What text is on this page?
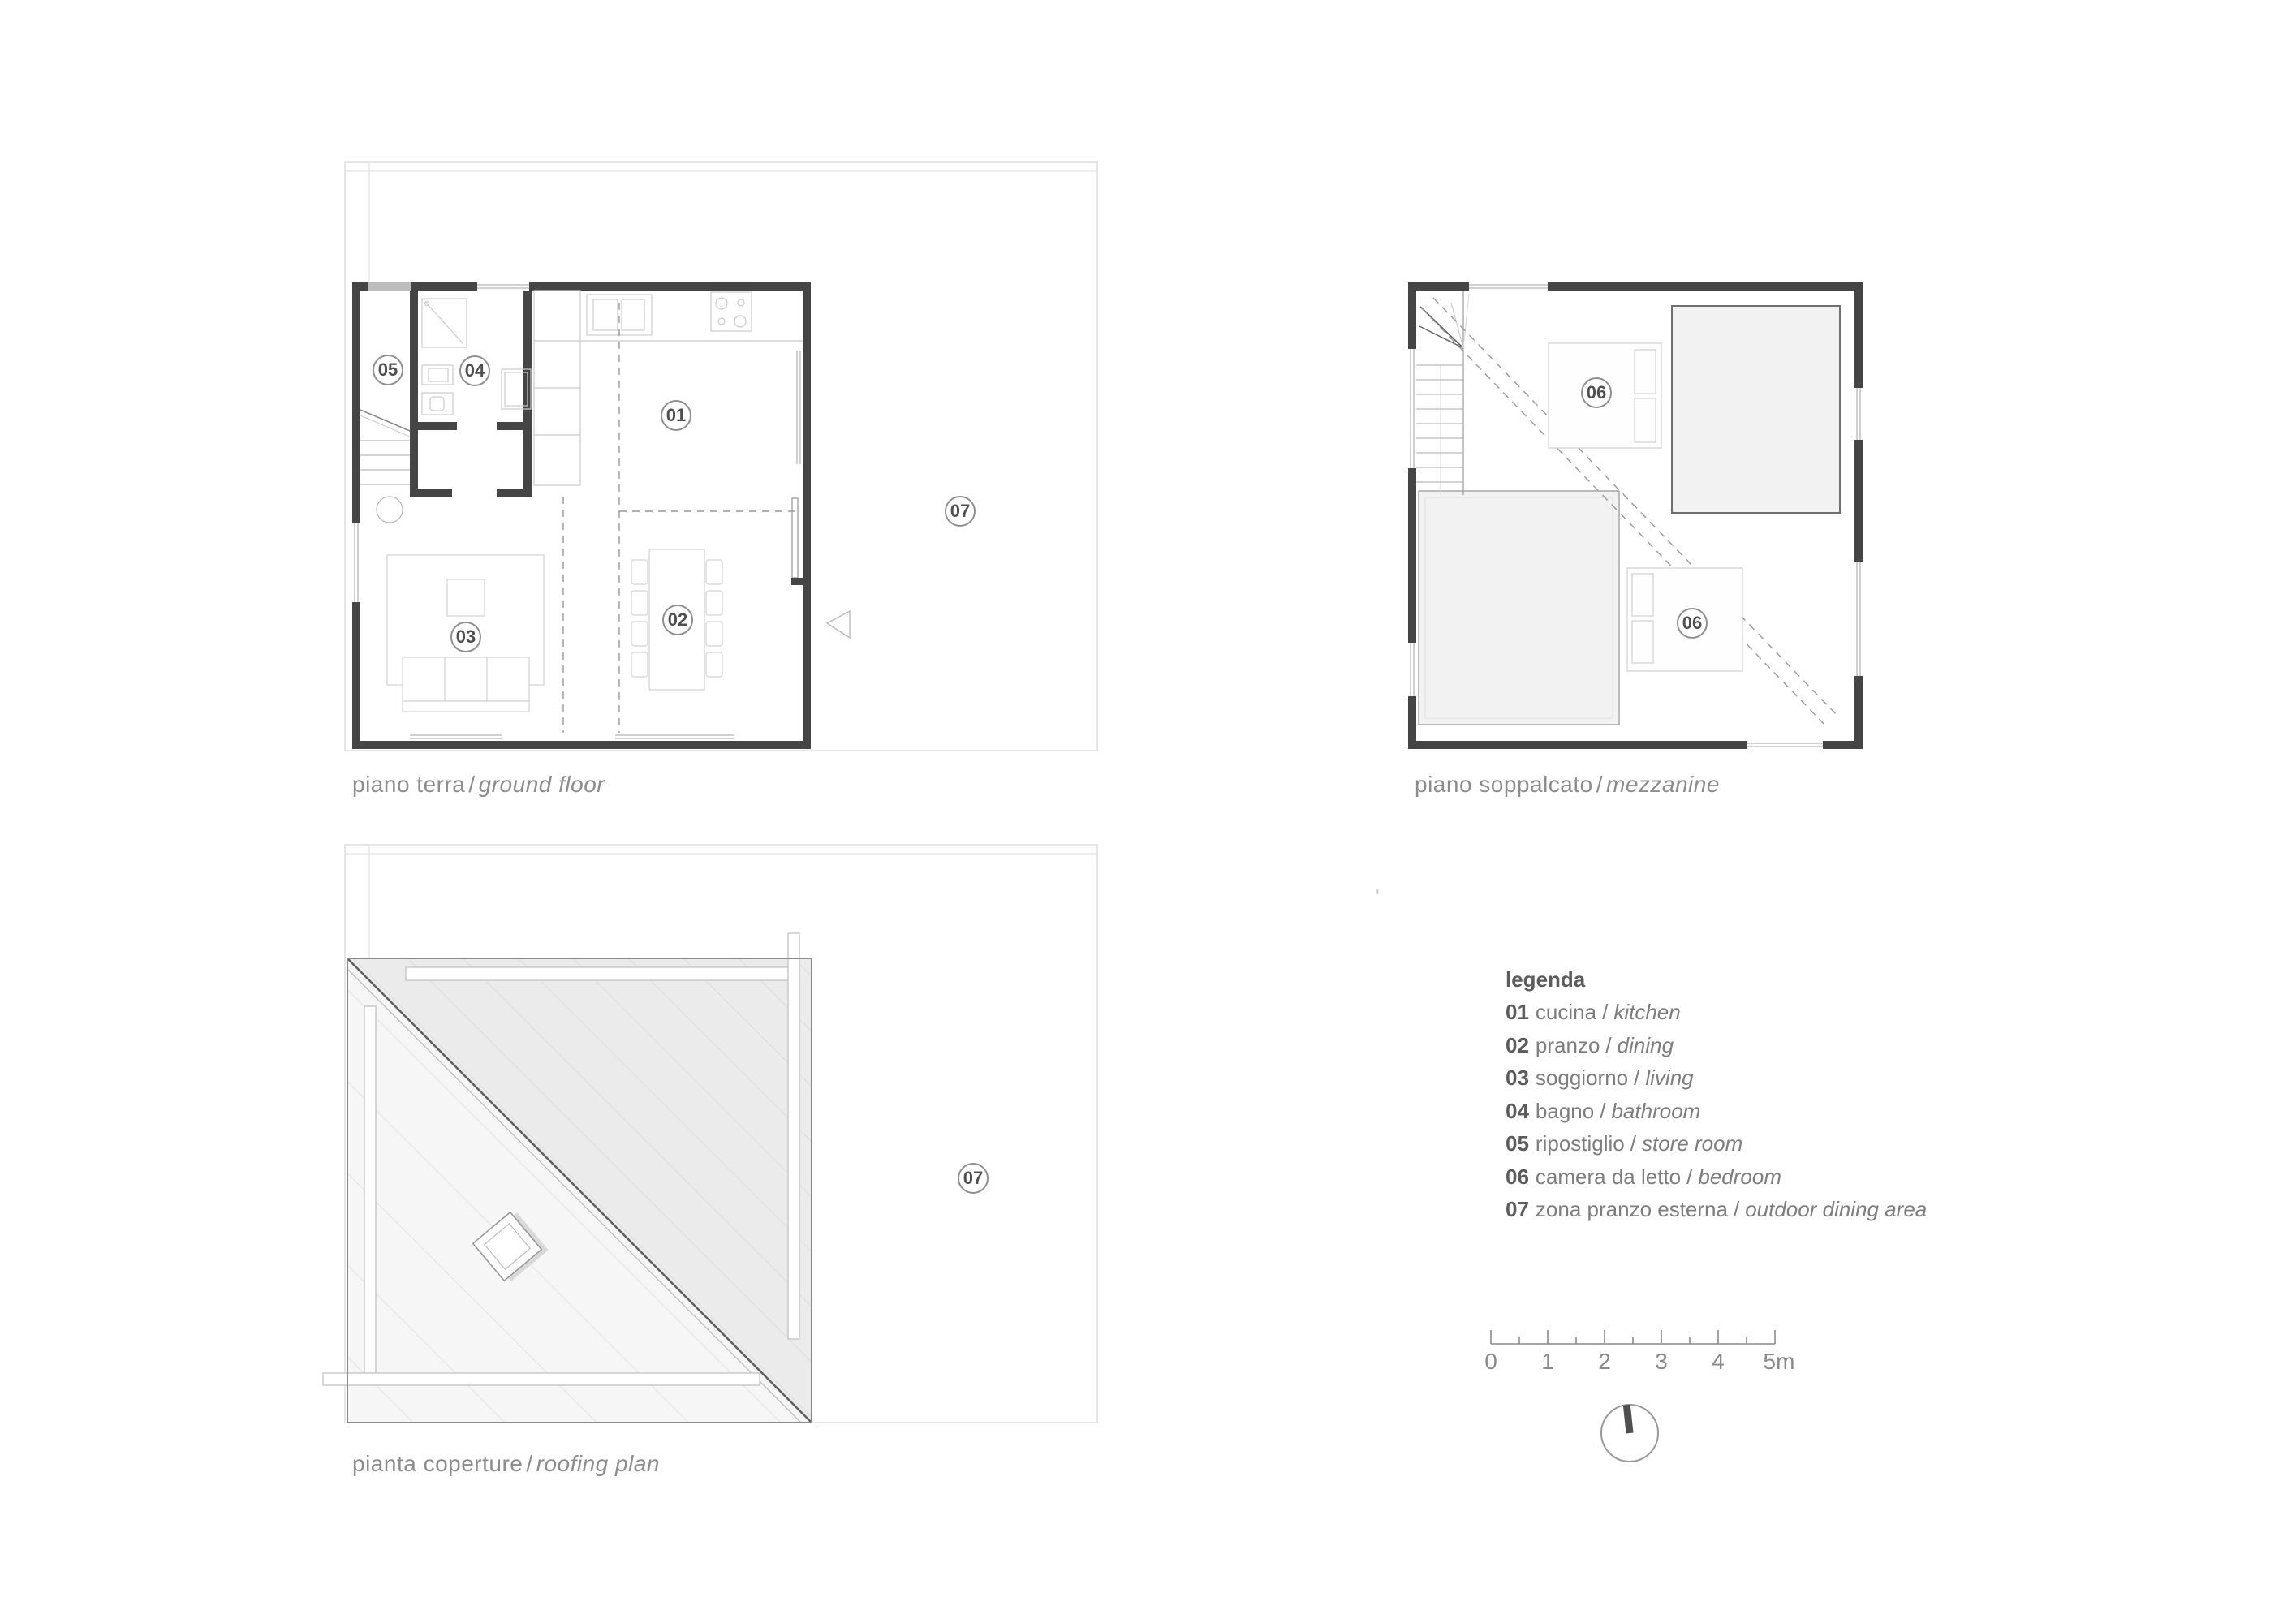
01
02
03
04
05
07
piano terra / ground floor
06
06
piano soppalcato / mezzanine
07
pianta coperture / roofing plan
legenda
01 cucina / kitchen
02 pranzo / dining
03 soggiorno / living
04 bagno / bathroom
05 ripostiglio / store room
06 camera da letto / bedroom
07 zona pranzo esterna / outdoor dining area
0 1 2 3 4 5m
'
